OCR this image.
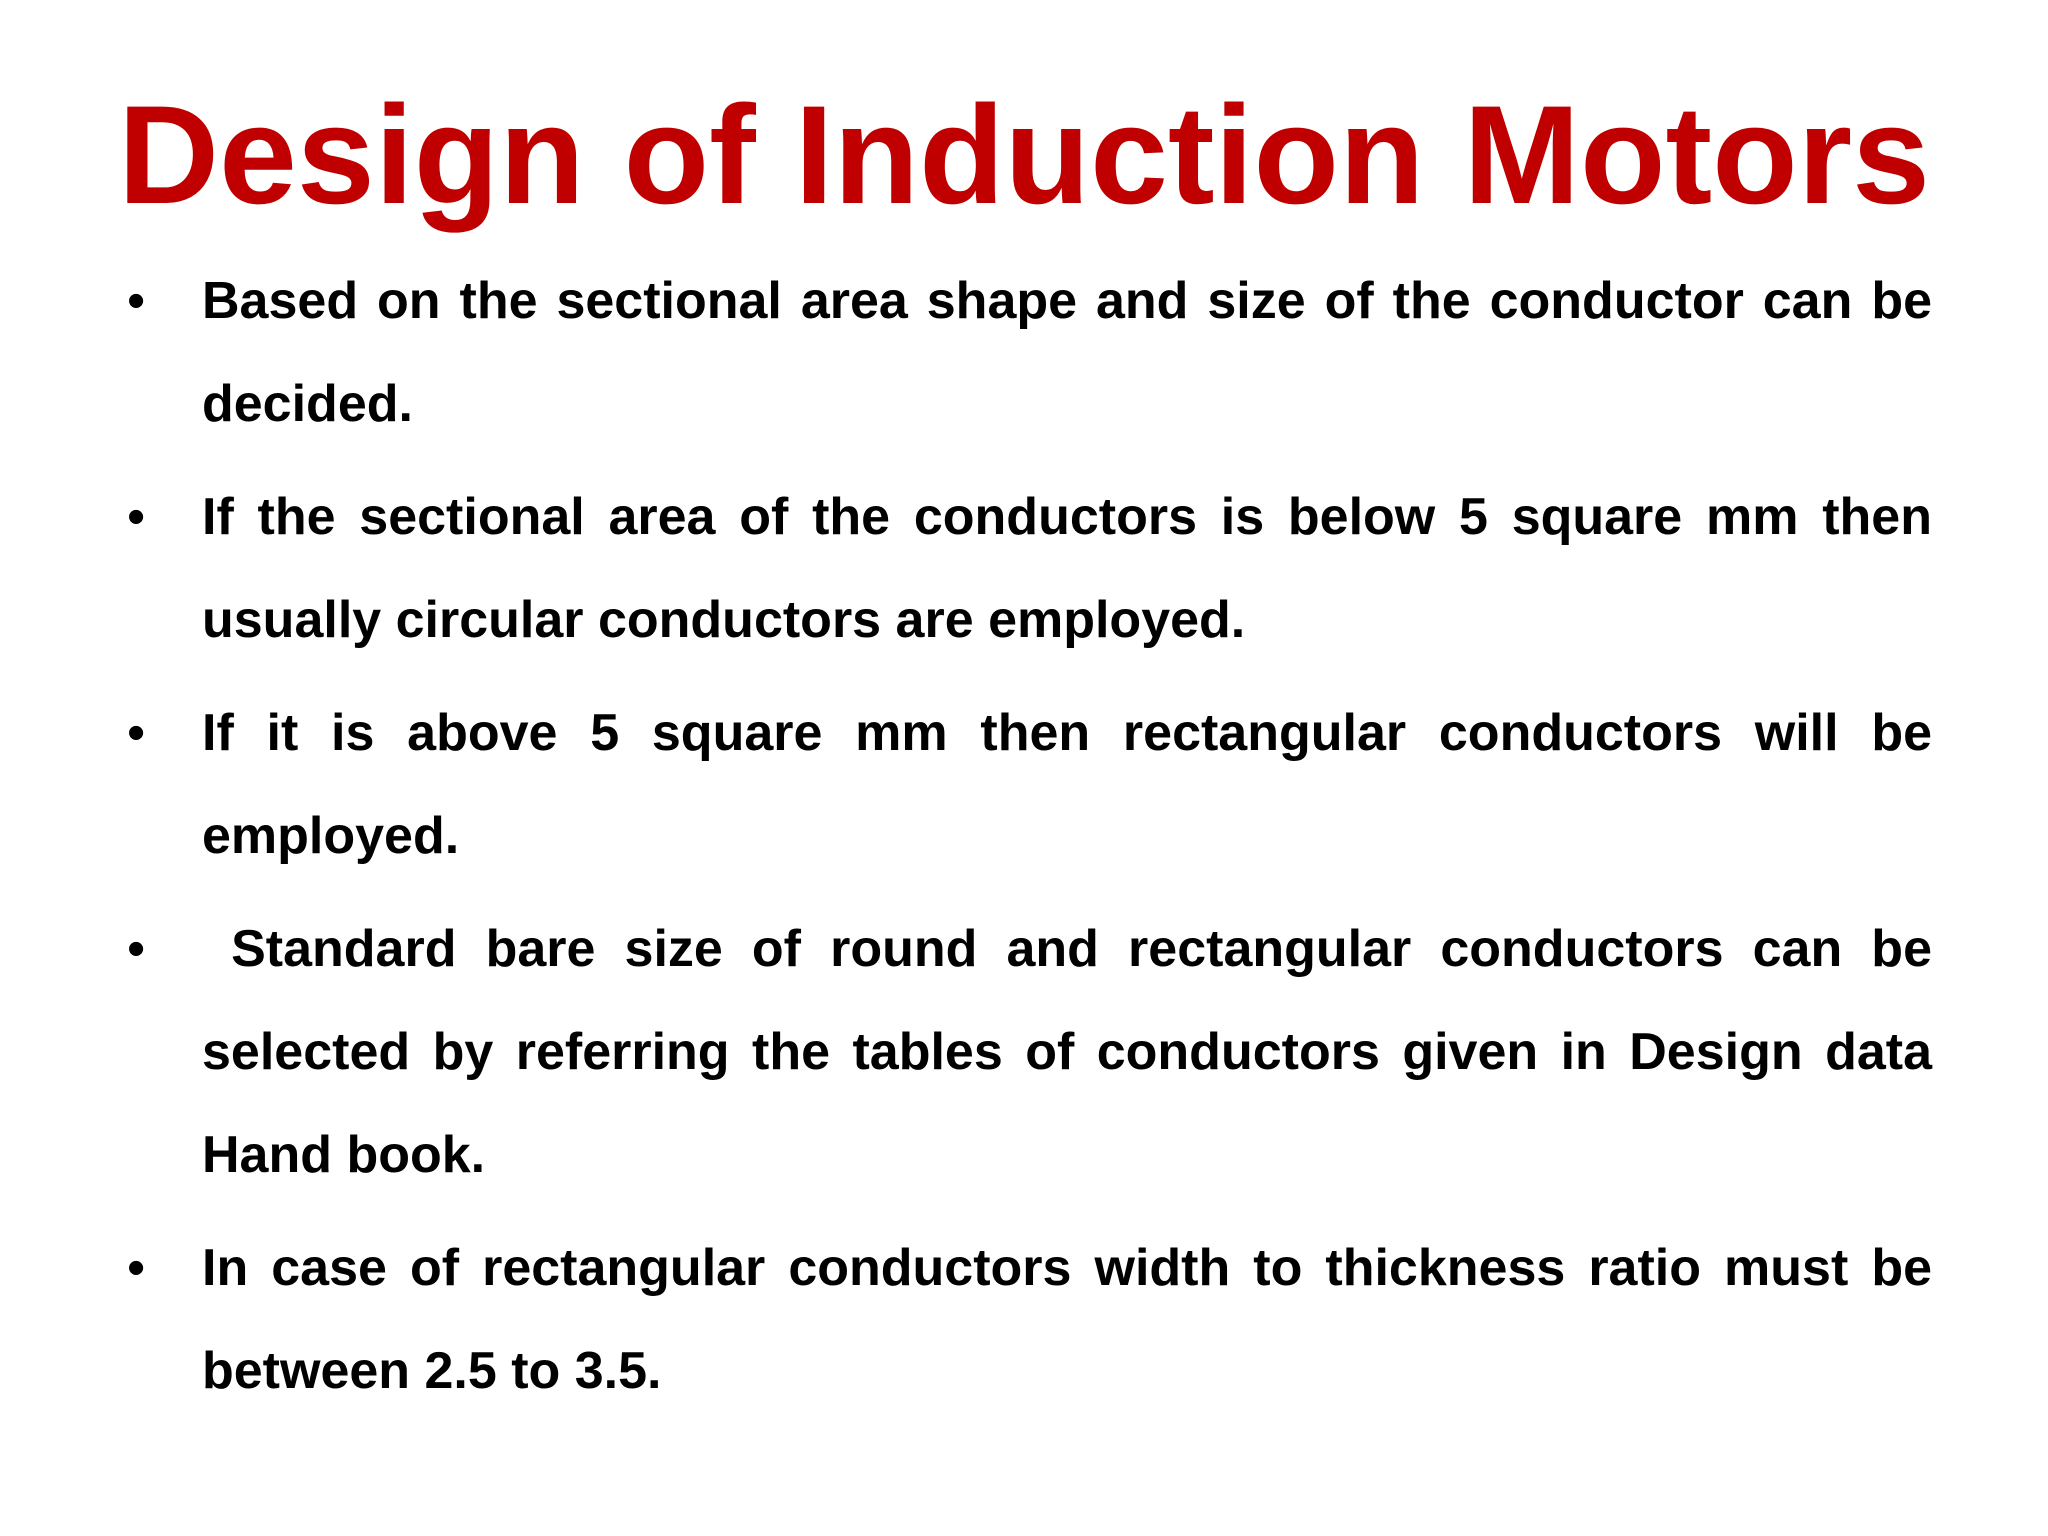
Design of Induction Motors
• Based on the sectional area shape and size of the conductor can be decided.
• If the sectional area of the conductors is below 5 square mm then usually circular conductors are employed.
• If it is above 5 square mm then rectangular conductors will be employed.
• Standard bare size of round and rectangular conductors can be selected by referring the tables of conductors given in Design data Hand book.
• In case of rectangular conductors width to thickness ratio must be between 2.5 to 3.5.
